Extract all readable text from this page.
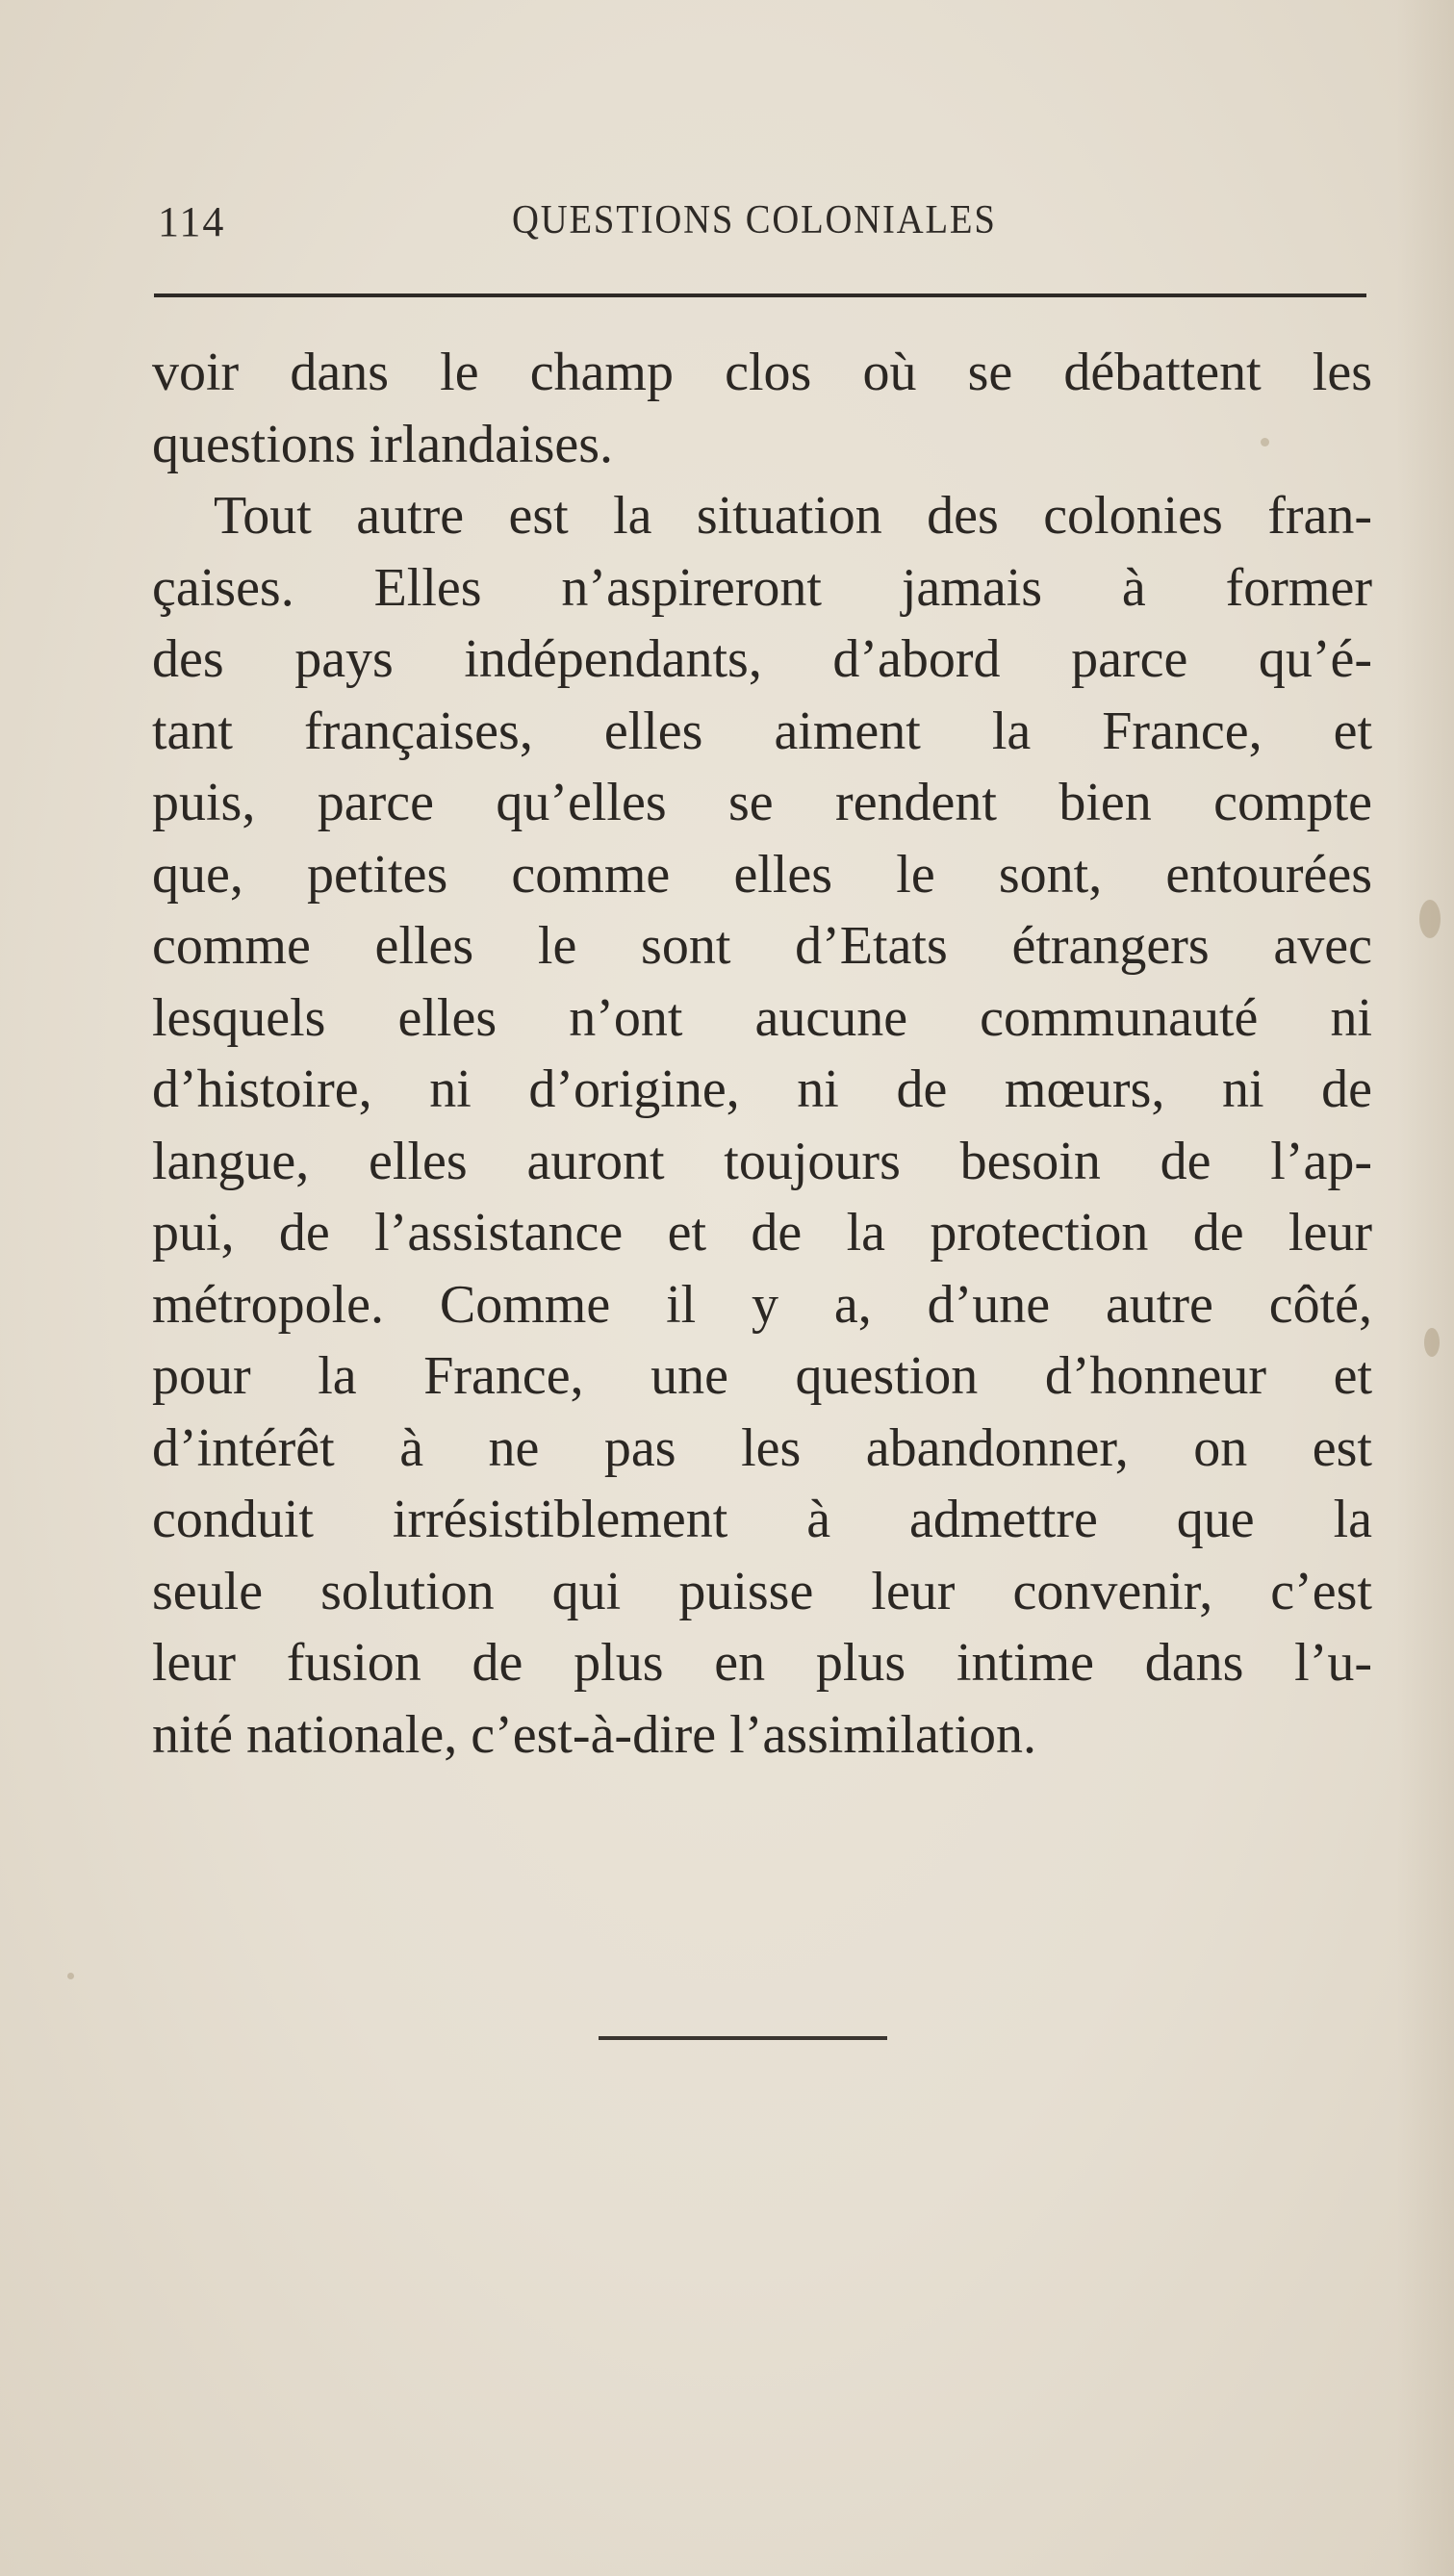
114	QUESTIONS COLONIALES
voir dans le champ clos où se débattent les
questions irlandaises.
Tout autre est la situation des colonies fran-
çaises. Elles n’aspireront jamais à former
des pays indépendants, d’abord parce qu’é-
tant françaises, elles aiment la France, et
puis, parce qu’elles se rendent bien compte
que, petites comme elles le sont, entourées
comme elles le sont d’Etats étrangers avec
lesquels elles n’ont aucune communauté ni
d’histoire, ni d’origine, ni de mœurs, ni de
langue, elles auront toujours besoin de l’ap-
pui, de l’assistance et de la protection de leur
métropole. Comme il y a, d’une autre côté,
pour la France, une question d’honneur et
d’intérêt à ne pas les abandonner, on est
conduit irrésistiblement à admettre que la
seule solution qui puisse leur convenir, c’est
leur fusion de plus en plus intime dans l’u-
nité nationale, c’est-à-dire l’assimilation.
